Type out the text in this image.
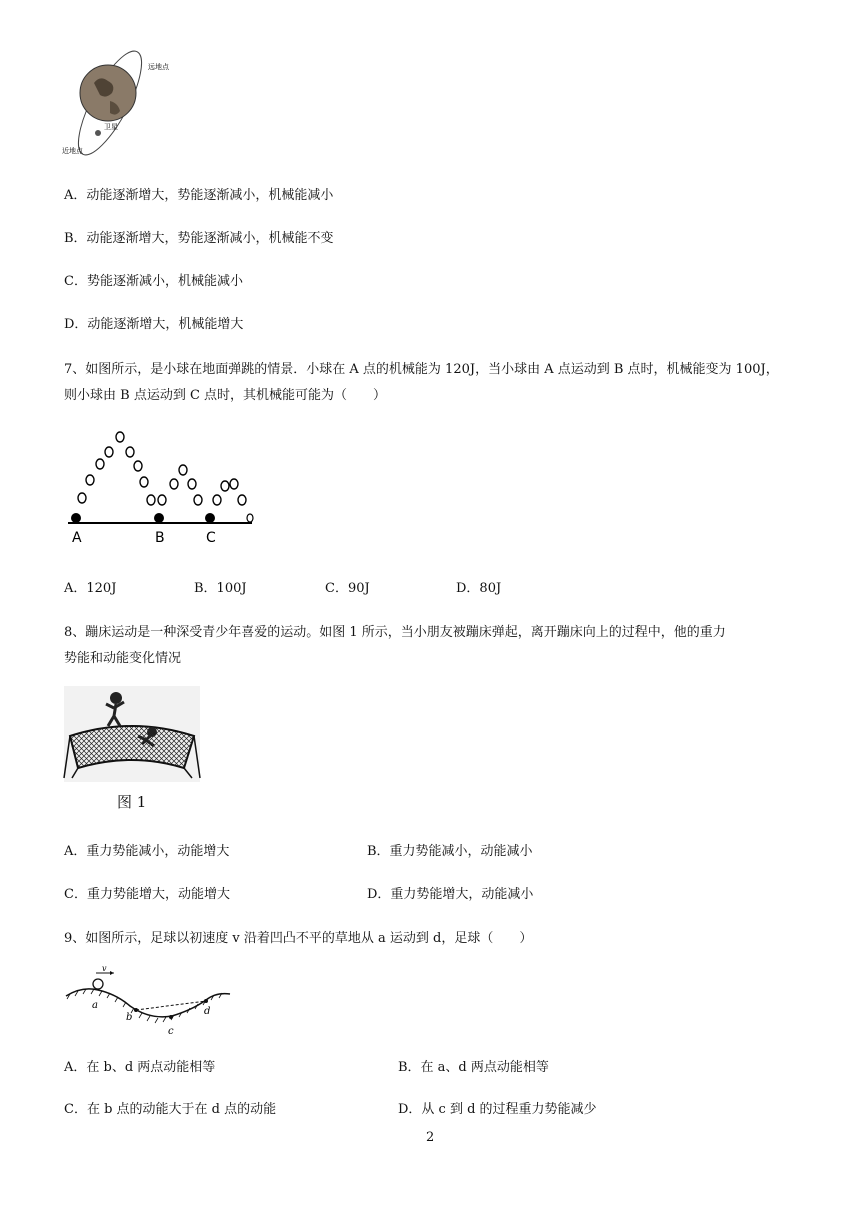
远地点
卫星
近地点
A．动能逐渐增大，势能逐渐减小，机械能减小
B．动能逐渐增大，势能逐渐减小，机械能不变
C．势能逐渐减小，机械能减小
D．动能逐渐增大，机械能增大
7、如图所示，是小球在地面弹跳的情景．小球在 A 点的机械能为 120J，当小球由 A 点运动到 B 点时，机械能变为 100J，
则小球由 B 点运动到 C 点时，其机械能可能为（　　）
A	B	C
A．120J	B．100J	C．90J	D．80J
8、蹦床运动是一种深受青少年喜爱的运动。如图 1 所示，当小朋友被蹦床弹起，离开蹦床向上的过程中，他的重力
势能和动能变化情况
图 1
A．重力势能减小，动能增大	B．重力势能减小，动能减小
C．重力势能增大，动能增大	D．重力势能增大，动能减小
9、如图所示，足球以初速度 v 沿着凹凸不平的草地从 a 运动到 d，足球（　　）
v
a
b
c
d
A．在 b、d 两点动能相等	B．在 a、d 两点动能相等
C．在 b 点的动能大于在 d 点的动能	D．从 c 到 d 的过程重力势能减少
2
